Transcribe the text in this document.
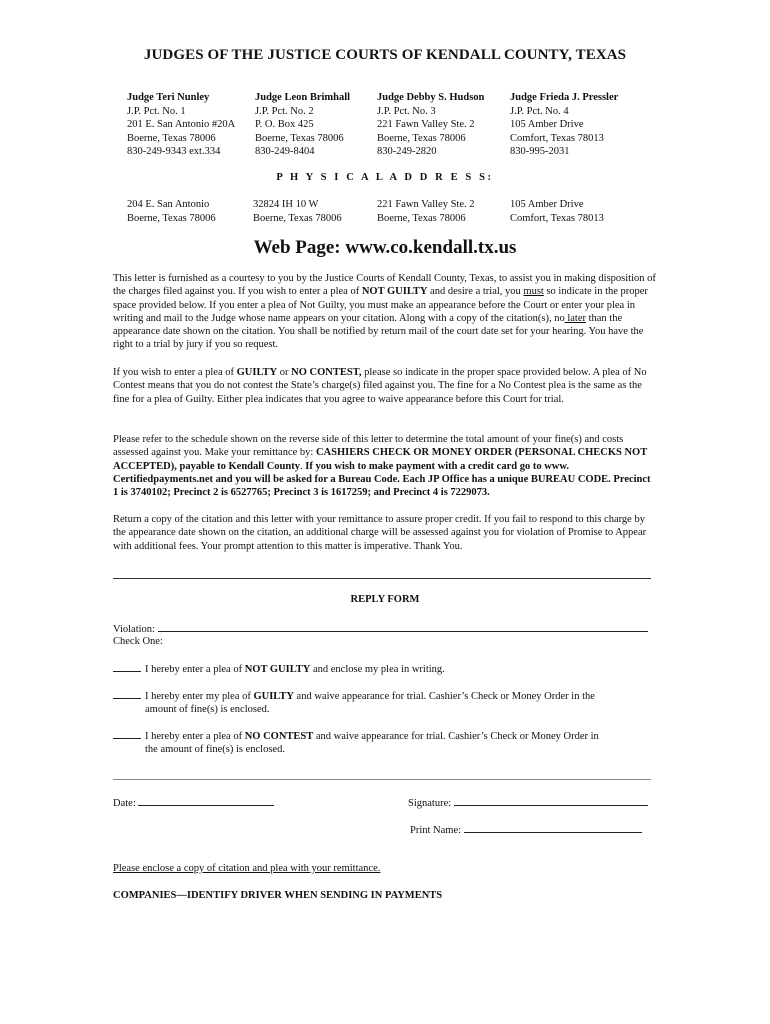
JUDGES OF THE JUSTICE COURTS OF KENDALL COUNTY, TEXAS
Judge Teri Nunley
J.P. Pct. No. 1
201 E. San Antonio #20A
Boerne, Texas 78006
830-249-9343 ext.334
Judge Leon Brimhall
J.P. Pct. No. 2
P. O. Box 425
Boerne, Texas 78006
830-249-8404
Judge Debby S. Hudson
J.P. Pct. No. 3
221 Fawn Valley Ste. 2
Boerne, Texas 78006
830-249-2820
Judge Frieda J. Pressler
J.P. Pct. No. 4
105 Amber Drive
Comfort, Texas 78013
830-995-2031
P H Y S I C A L A D D R E S S:
204 E. San Antonio
Boerne, Texas 78006
32824 IH 10 W
Boerne, Texas 78006
221 Fawn Valley Ste. 2
Boerne, Texas 78006
105 Amber Drive
Comfort, Texas 78013
Web Page: www.co.kendall.tx.us
This letter is furnished as a courtesy to you by the Justice Courts of Kendall County, Texas, to assist you in making disposition of the charges filed against you. If you wish to enter a plea of NOT GUILTY and desire a trial, you must so indicate in the proper space provided below. If you enter a plea of Not Guilty, you must make an appearance before the Court or enter your plea in writing and mail to the Judge whose name appears on your citation. Along with a copy of the citation(s), no later than the appearance date shown on the citation. You shall be notified by return mail of the court date set for your hearing. You have the right to a trial by jury if you so request.
If you wish to enter a plea of GUILTY or NO CONTEST, please so indicate in the proper space provided below. A plea of No Contest means that you do not contest the State’s charge(s) filed against you. The fine for a No Contest plea is the same as the fine for a plea of Guilty. Either plea indicates that you agree to waive appearance before this Court for trial.
Please refer to the schedule shown on the reverse side of this letter to determine the total amount of your fine(s) and costs assessed against you. Make your remittance by: CASHIERS CHECK OR MONEY ORDER (PERSONAL CHECKS NOT ACCEPTED), payable to Kendall County. If you wish to make payment with a credit card go to www. Certifiedpayments.net and you will be asked for a Bureau Code. Each JP Office has a unique BUREAU CODE. Precinct 1 is 3740102; Precinct 2 is 6527765; Precinct 3 is 1617259; and Precinct 4 is 7229073.
Return a copy of the citation and this letter with your remittance to assure proper credit. If you fail to respond to this charge by the appearance date shown on the citation, an additional charge will be assessed against you for violation of Promise to Appear with additional fees. Your prompt attention to this matter is imperative. Thank You.
REPLY FORM
Violation:
Check One:
I hereby enter a plea of NOT GUILTY and enclose my plea in writing.
I hereby enter my plea of GUILTY and waive appearance for trial. Cashier’s Check or Money Order in the
amount of fine(s) is enclosed.
I hereby enter a plea of NO CONTEST and waive appearance for trial. Cashier’s Check or Money Order in
the amount of fine(s) is enclosed.
Date:	Signature:
Print Name:
Please enclose a copy of citation and plea with your remittance.
COMPANIES—IDENTIFY DRIVER WHEN SENDING IN PAYMENTS
